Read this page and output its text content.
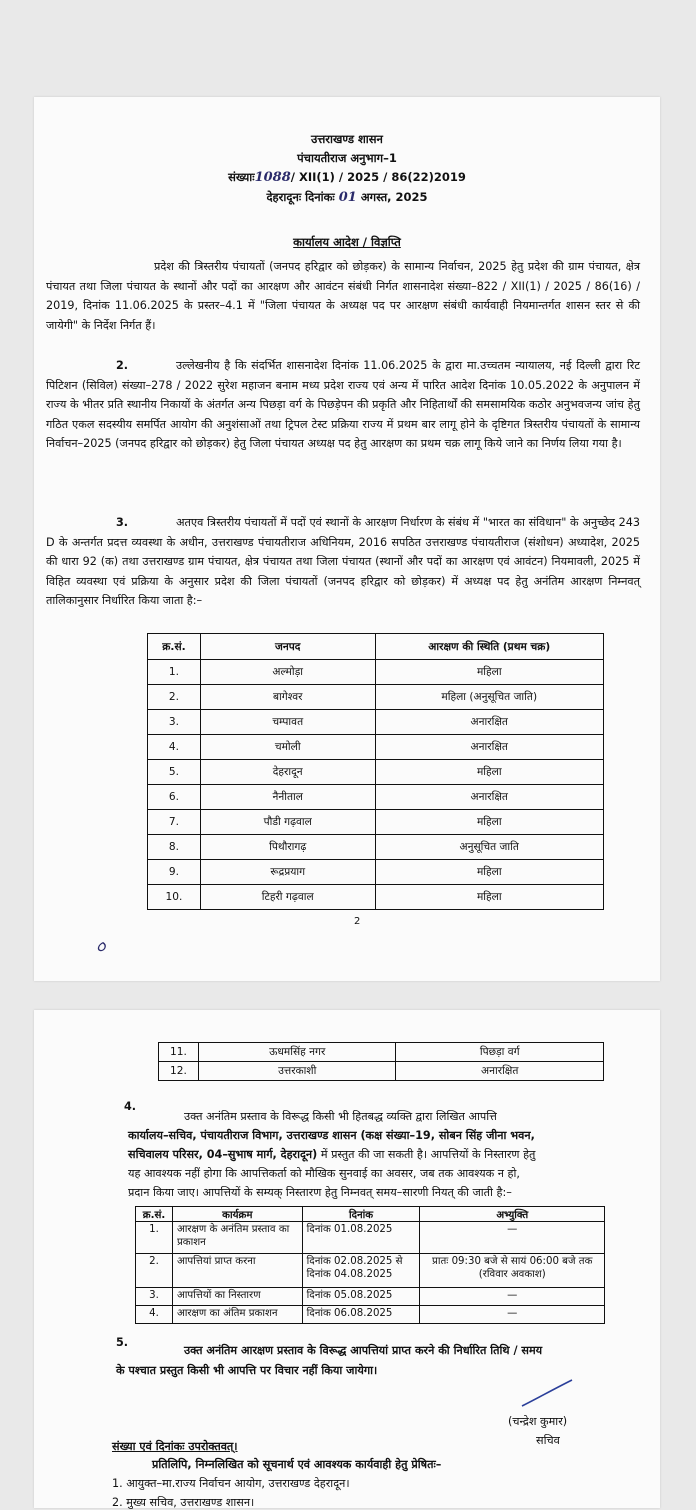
उत्तराखण्ड शासन
पंचायतीराज अनुभाग–1
संख्याः1088/ XII(1) / 2025 / 86(22)2019
देहरादूनः दिनांकः 01 अगस्त, 2025
कार्यालय आदेश / विज्ञप्ति

प्रदेश की त्रिस्तरीय पंचायतों (जनपद हरिद्वार को छोड़कर) के सामान्य निर्वाचन, 2025 हेतु प्रदेश की ग्राम पंचायत, क्षेत्र पंचायत तथा जिला पंचायत के स्थानों और पदों का आरक्षण और आवंटन संबंधी निर्गत शासनादेश संख्या–822 / XII(1) / 2025 / 86(16) / 2019, दिनांक 11.06.2025 के प्रस्तर–4.1 में "जिला पंचायत के अध्यक्ष पद पर आरक्षण संबंधी कार्यवाही नियमान्तर्गत शासन स्तर से की जायेगी" के निर्देश निर्गत हैं।

2.	उल्लेखनीय है कि संदर्भित शासनादेश दिनांक 11.06.2025 के द्वारा मा.उच्चतम न्यायालय, नई दिल्ली द्वारा रिट पिटिशन (सिविल) संख्या–278 / 2022 सुरेश महाजन बनाम मध्य प्रदेश राज्य एवं अन्य में पारित आदेश दिनांक 10.05.2022 के अनुपालन में राज्य के भीतर प्रति स्थानीय निकायों के अंतर्गत अन्य पिछड़ा वर्ग के पिछड़ेपन की प्रकृति और निहितार्थों की समसामयिक कठोर अनुभवजन्य जांच हेतु गठित एकल सदस्यीय समर्पित आयोग की अनुशंसाओं तथा ट्रिपल टेस्ट प्रक्रिया राज्य में प्रथम बार लागू होने के दृष्टिगत त्रिस्तरीय पंचायतों के सामान्य निर्वाचन–2025 (जनपद हरिद्वार को छोड़कर) हेतु जिला पंचायत अध्यक्ष पद हेतु आरक्षण का प्रथम चक्र लागू किये जाने का निर्णय लिया गया है।

3.	अतएव त्रिस्तरीय पंचायतों में पदों एवं स्थानों के आरक्षण निर्धारण के संबंध में "भारत का संविधान" के अनुच्छेद 243 D के अन्तर्गत प्रदत्त व्यवस्था के अधीन, उत्तराखण्ड पंचायतीराज अधिनियम, 2016 सपठित उत्तराखण्ड पंचायतीराज (संशोधन) अध्यादेश, 2025 की धारा 92 (क) तथा उत्तराखण्ड ग्राम पंचायत, क्षेत्र पंचायत तथा जिला पंचायत (स्थानों और पदों का आरक्षण एवं आवंटन) नियमावली, 2025 में विहित व्यवस्था एवं प्रक्रिया के अनुसार प्रदेश की जिला पंचायतों (जनपद हरिद्वार को छोड़कर) में अध्यक्ष पद हेतु अनंतिम आरक्षण निम्नवत् तालिकानुसार निर्धारित किया जाता है:–

क्र.सं.	जनपद	आरक्षण की स्थिति (प्रथम चक्र)
1.	अल्मोड़ा	महिला
2.	बागेश्वर	महिला (अनुसूचित जाति)
3.	चम्पावत	अनारक्षित
4.	चमोली	अनारक्षित
5.	देहरादून	महिला
6.	नैनीताल	अनारक्षित
7.	पौडी गढ़वाल	महिला
8.	पिथौरागढ़	अनुसूचित जाति
9.	रूद्रप्रयाग	महिला
10.	टिहरी गढ़वाल	महिला
2
ᰓ
11.	ऊधमसिंह नगर	पिछड़ा वर्ग
12.	उत्तरकाशी	अनारक्षित
4.
उक्त अनंतिम प्रस्ताव के विरूद्ध किसी भी हितबद्ध व्यक्ति द्वारा लिखित आपत्ति
कार्यालय–सचिव, पंचायतीराज विभाग, उत्तराखण्ड शासन (कक्ष संख्या–19, सोबन सिंह जीना भवन,
सचिवालय परिसर, 04–सुभाष मार्ग, देहरादून) में प्रस्तुत की जा सकती है। आपत्तियों के निस्तारण हेतु
यह आवश्यक नहीं होगा कि आपत्तिकर्ता को मौखिक सुनवाई का अवसर, जब तक आवश्यक न हो,
प्रदान किया जाए। आपत्तियों के सम्यक् निस्तारण हेतु निम्नवत् समय–सारणी नियत् की जाती है:–
क्र.सं.	कार्यक्रम	दिनांक	अभ्युक्ति
1.	आरक्षण के अनंतिम प्रस्ताव का प्रकाशन	दिनांक 01.08.2025	—
2.	आपत्तियां प्राप्त करना	दिनांक 02.08.2025 से दिनांक 04.08.2025	प्रातः 09:30 बजे से सायं 06:00 बजे तक (रविवार अवकाश)
3.	आपत्तियों का निस्तारण	दिनांक 05.08.2025	—
4.	आरक्षण का अंतिम प्रकाशन	दिनांक 06.08.2025	—
5.
उक्त अनंतिम आरक्षण प्रस्ताव के विरूद्ध आपत्तियां प्राप्त करने की निर्धारित तिथि / समय
के पश्चात प्रस्तुत किसी भी आपत्ति पर विचार नहीं किया जायेगा।
(चन्द्रेश कुमार)
सचिव
संख्या एवं दिनांकः उपरोक्तवत्।
प्रतिलिपि, निम्नलिखित को सूचनार्थ एवं आवश्यक कार्यवाही हेतु प्रेषितः–
1. आयुक्त–मा.राज्य निर्वाचन आयोग, उत्तराखण्ड देहरादून।
2. मुख्य सचिव, उत्तराखण्ड शासन।
